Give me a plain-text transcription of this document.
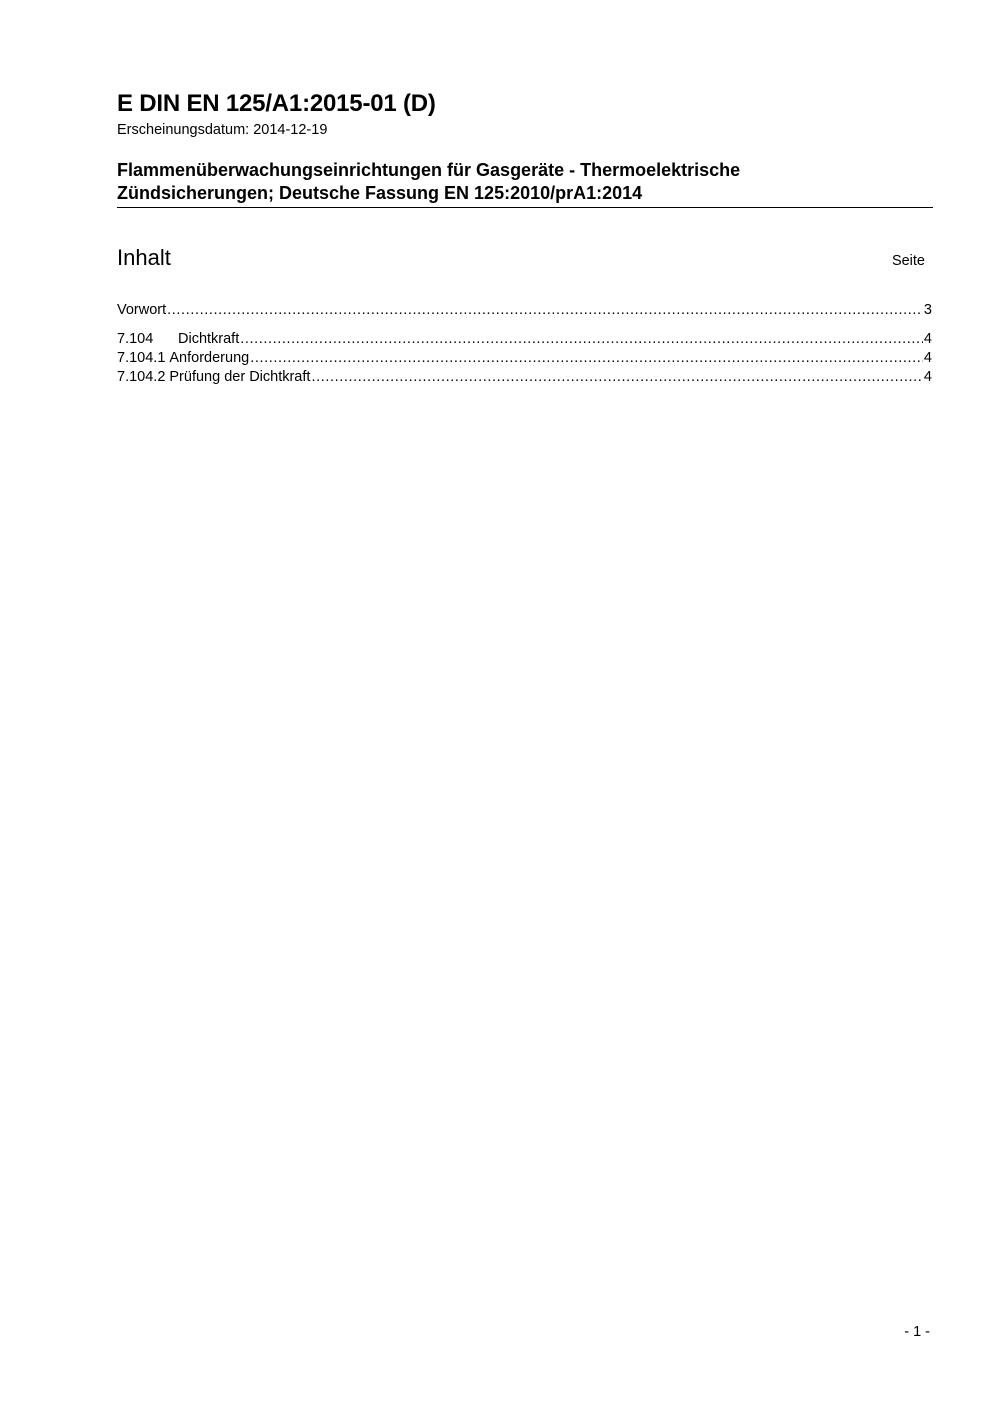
E DIN EN 125/A1:2015-01 (D)

Erscheinungsdatum: 2014-12-19

Flammenüberwachungseinrichtungen für Gasgeräte - Thermoelektrische
Zündsicherungen; Deutsche Fassung EN 125:2010/prA1:2014
Inhalt	Seite
Vorwort .....	3
7.104	Dichtkraft .....	4
7.104.1 Anforderung .....	4
7.104.2 Prüfung der Dichtkraft .....	4
- 1 -
